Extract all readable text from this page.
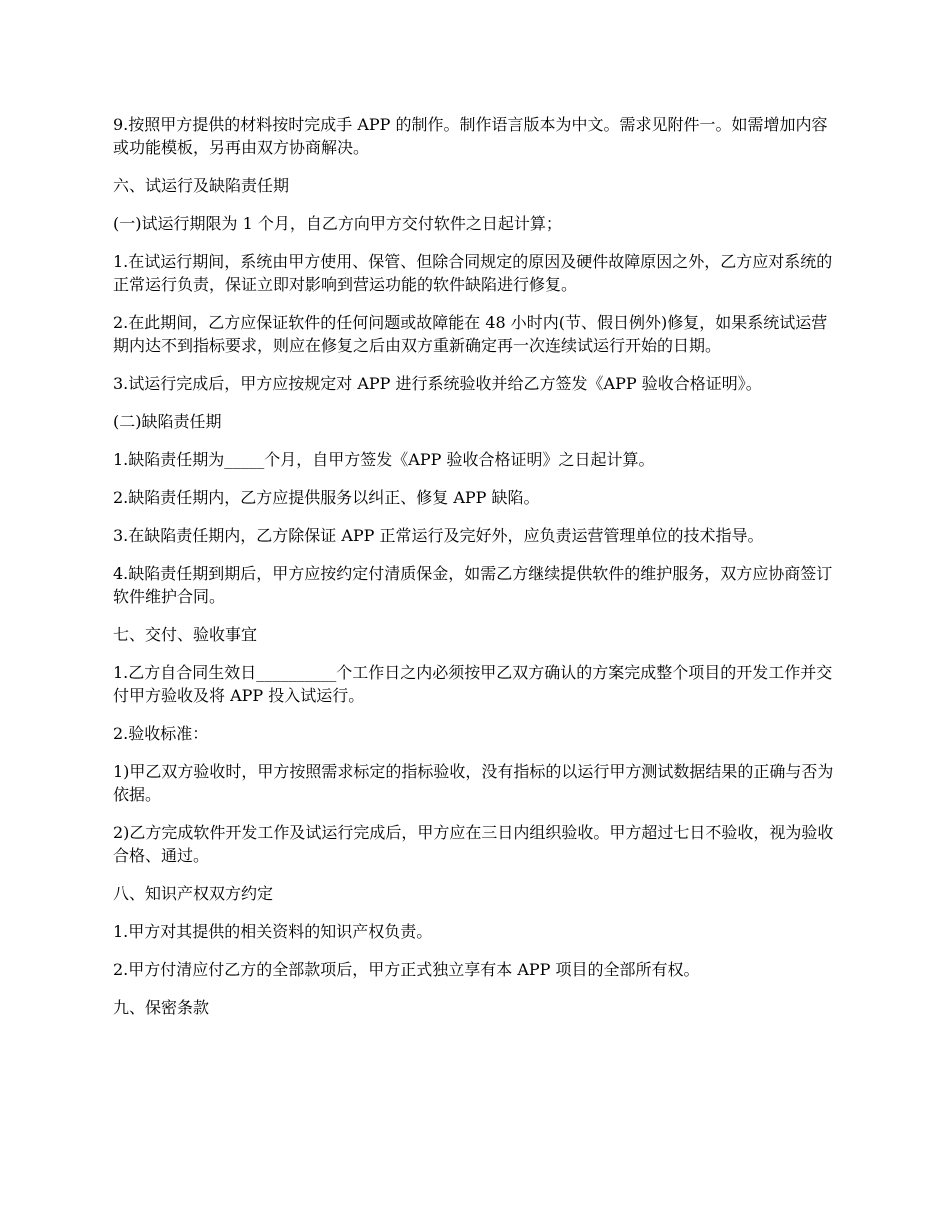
9.按照甲方提供的材料按时完成手 APP 的制作。制作语言版本为中文。需求见附件一。如需增加内容或功能模板，另再由双方协商解决。

六、试运行及缺陷责任期

(一)试运行期限为 1 个月，自乙方向甲方交付软件之日起计算；

1.在试运行期间，系统由甲方使用、保管、但除合同规定的原因及硬件故障原因之外，乙方应对系统的正常运行负责，保证立即对影响到营运功能的软件缺陷进行修复。

2.在此期间，乙方应保证软件的任何问题或故障能在 48 小时内(节、假日例外)修复，如果系统试运营期内达不到指标要求，则应在修复之后由双方重新确定再一次连续试运行开始的日期。

3.试运行完成后，甲方应按规定对 APP 进行系统验收并给乙方签发《APP 验收合格证明》。

(二)缺陷责任期

1.缺陷责任期为_____个月，自甲方签发《APP 验收合格证明》之日起计算。

2.缺陷责任期内，乙方应提供服务以纠正、修复 APP 缺陷。

3.在缺陷责任期内，乙方除保证 APP 正常运行及完好外，应负责运营管理单位的技术指导。

4.缺陷责任期到期后，甲方应按约定付清质保金，如需乙方继续提供软件的维护服务，双方应协商签订软件维护合同。

七、交付、验收事宜

1.乙方自合同生效日__________个工作日之内必须按甲乙双方确认的方案完成整个项目的开发工作并交付甲方验收及将 APP 投入试运行。

2.验收标准：

1)甲乙双方验收时，甲方按照需求标定的指标验收，没有指标的以运行甲方测试数据结果的正确与否为依据。

2)乙方完成软件开发工作及试运行完成后，甲方应在三日内组织验收。甲方超过七日不验收，视为验收合格、通过。

八、知识产权双方约定

1.甲方对其提供的相关资料的知识产权负责。

2.甲方付清应付乙方的全部款项后，甲方正式独立享有本 APP 项目的全部所有权。

九、保密条款
